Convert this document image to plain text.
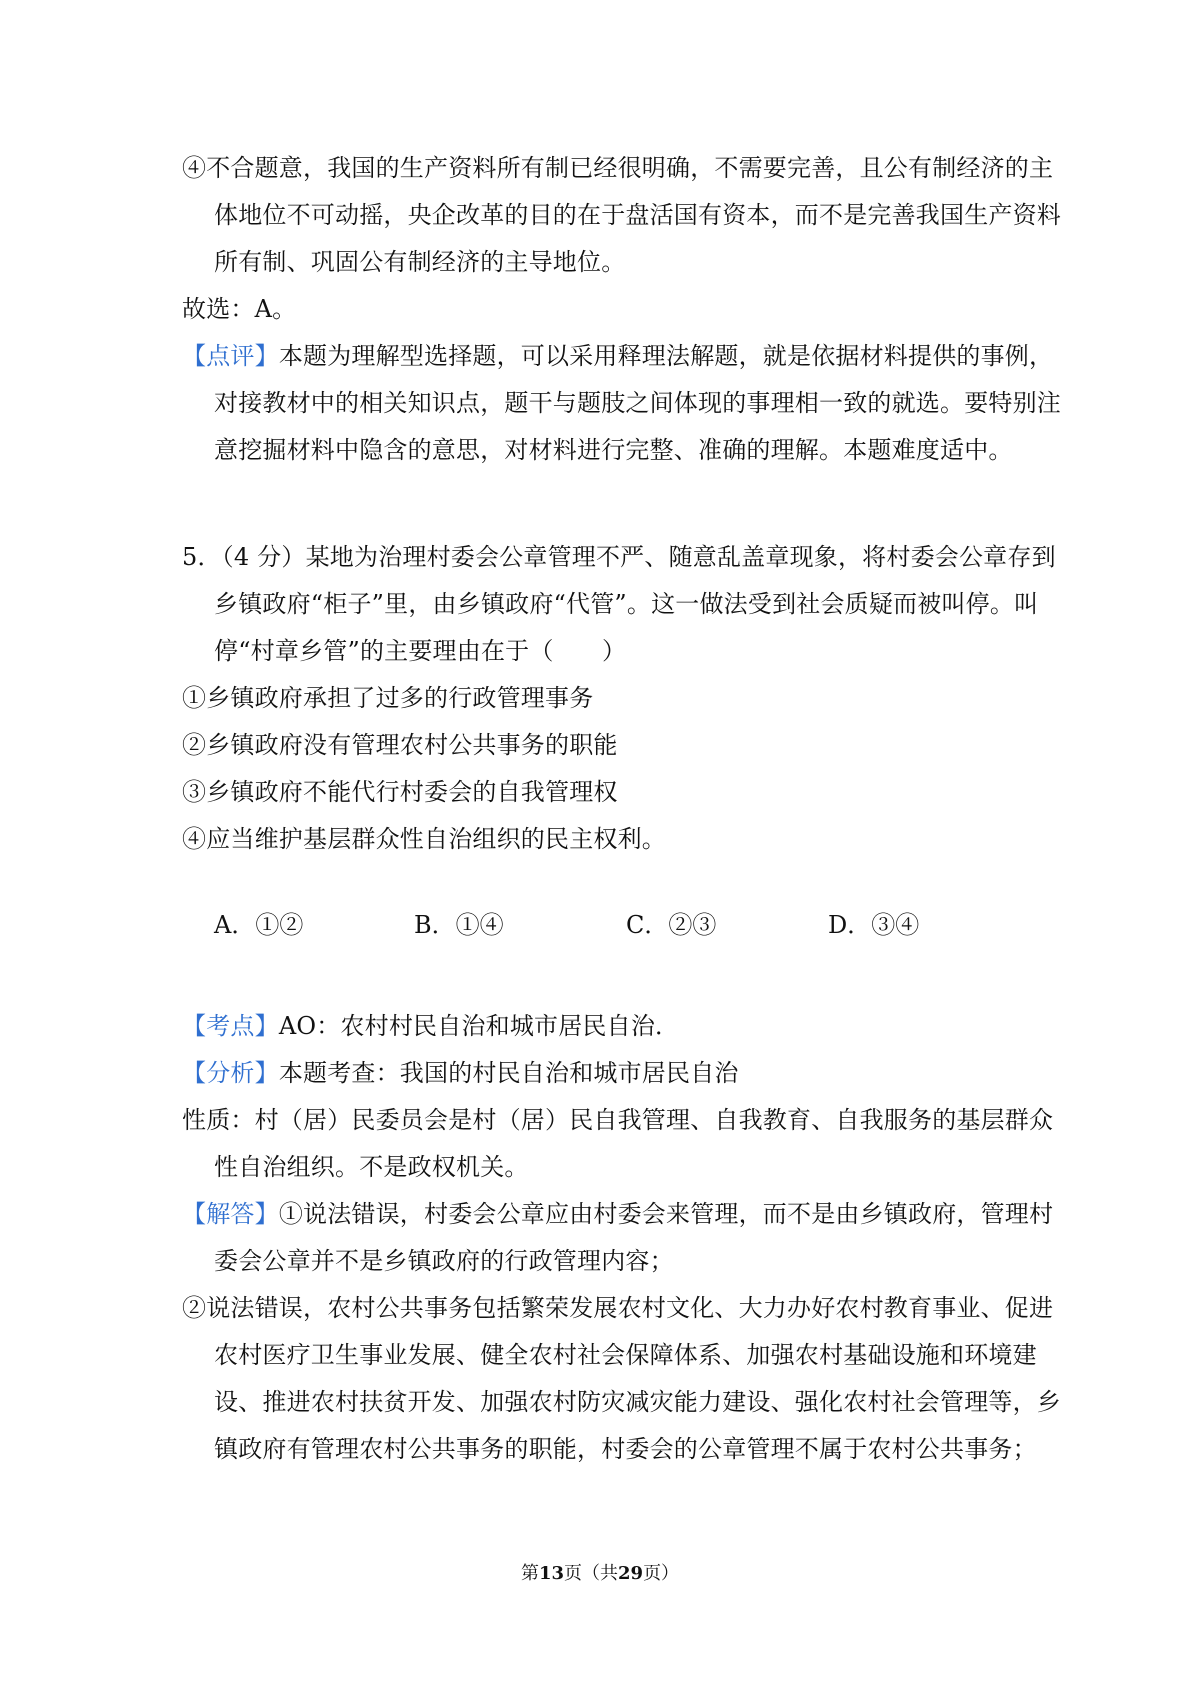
④不合题意，我国的生产资料所有制已经很明确，不需要完善，且公有制经济的主体地位不可动摇，央企改革的目的在于盘活国有资本，而不是完善我国生产资料所有制、巩固公有制经济的主导地位。

故选：A。

【点评】本题为理解型选择题，可以采用释理法解题，就是依据材料提供的事例，对接教材中的相关知识点，题干与题肢之间体现的事理相一致的就选。要特别注意挖掘材料中隐含的意思，对材料进行完整、准确的理解。本题难度适中。

5．（4 分）某地为治理村委会公章管理不严、随意乱盖章现象，将村委会公章存到乡镇政府“柜子”里，由乡镇政府“代管”。这一做法受到社会质疑而被叫停。叫停“村章乡管”的主要理由在于（　　）

①乡镇政府承担了过多的行政管理事务

②乡镇政府没有管理农村公共事务的职能

③乡镇政府不能代行村委会的自我管理权

④应当维护基层群众性自治组织的民主权利。

A．①②	B．①④	C．②③	D．③④

【考点】AO：农村村民自治和城市居民自治．

【分析】本题考查：我国的村民自治和城市居民自治

性质：村（居）民委员会是村（居）民自我管理、自我教育、自我服务的基层群众性自治组织。不是政权机关。

【解答】①说法错误，村委会公章应由村委会来管理，而不是由乡镇政府，管理村委会公章并不是乡镇政府的行政管理内容；

②说法错误，农村公共事务包括繁荣发展农村文化、大力办好农村教育事业、促进农村医疗卫生事业发展、健全农村社会保障体系、加强农村基础设施和环境建设、推进农村扶贫开发、加强农村防灾减灾能力建设、强化农村社会管理等，乡镇政府有管理农村公共事务的职能，村委会的公章管理不属于农村公共事务；

第13页（共29页）
